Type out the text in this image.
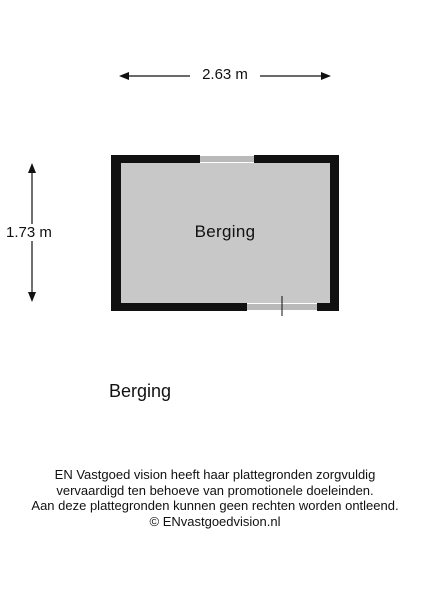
2.63 m
1.73 m	Berging
Berging
EN Vastgoed vision heeft haar plattegronden zorgvuldig
vervaardigd ten behoeve van promotionele doeleinden.
Aan deze plattegronden kunnen geen rechten worden ontleend.
© ENvastgoedvision.nl
